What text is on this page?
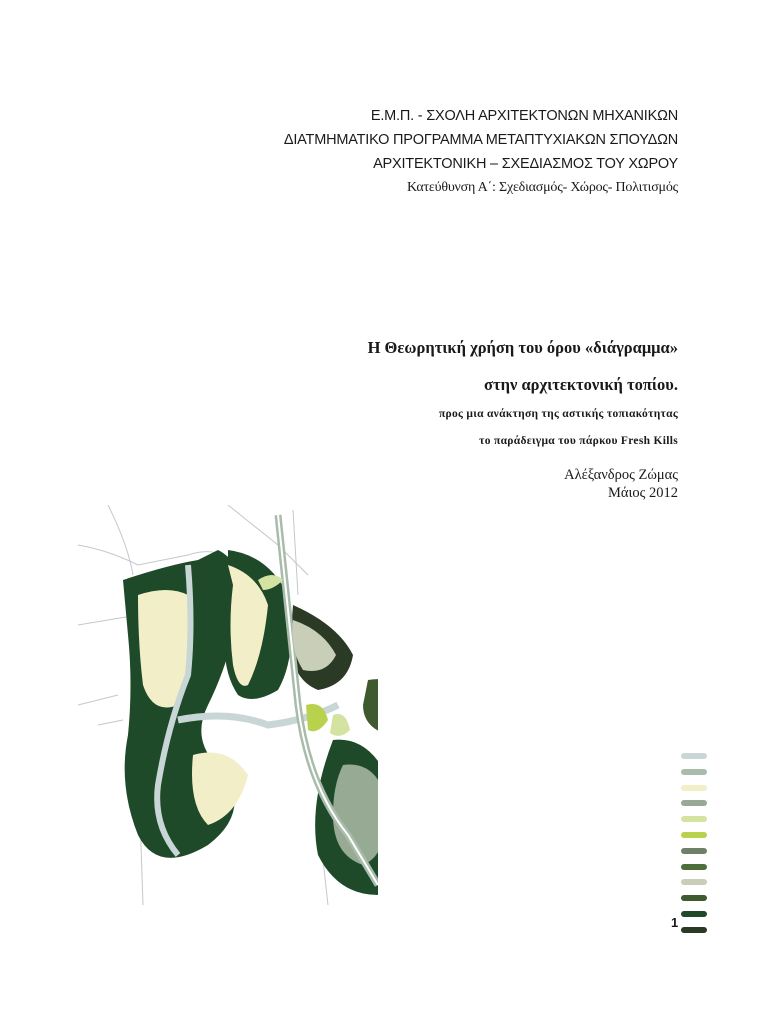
Ε.Μ.Π. - ΣΧΟΛΗ ΑΡΧΙΤΕΚΤΟΝΩΝ ΜΗΧΑΝΙΚΩΝ
ΔΙΑΤΜΗΜΑΤΙΚΟ ΠΡΟΓΡΑΜΜΑ ΜΕΤΑΠΤΥΧΙΑΚΩΝ ΣΠΟΥΔΩΝ
ΑΡΧΙΤΕΚΤΟΝΙΚΗ – ΣΧΕΔΙΑΣΜΟΣ ΤΟΥ ΧΩΡΟΥ
Κατεύθυνση Α΄: Σχεδιασμός- Χώρος- Πολιτισμός
Η Θεωρητική χρήση του όρου «διάγραμμα»
στην αρχιτεκτονική τοπίου.
προς μια ανάκτηση της αστικής τοπιακότητας
το παράδειγμα του πάρκου Fresh Kills
Αλέξανδρος Ζώμας
Μάιος 2012
1
